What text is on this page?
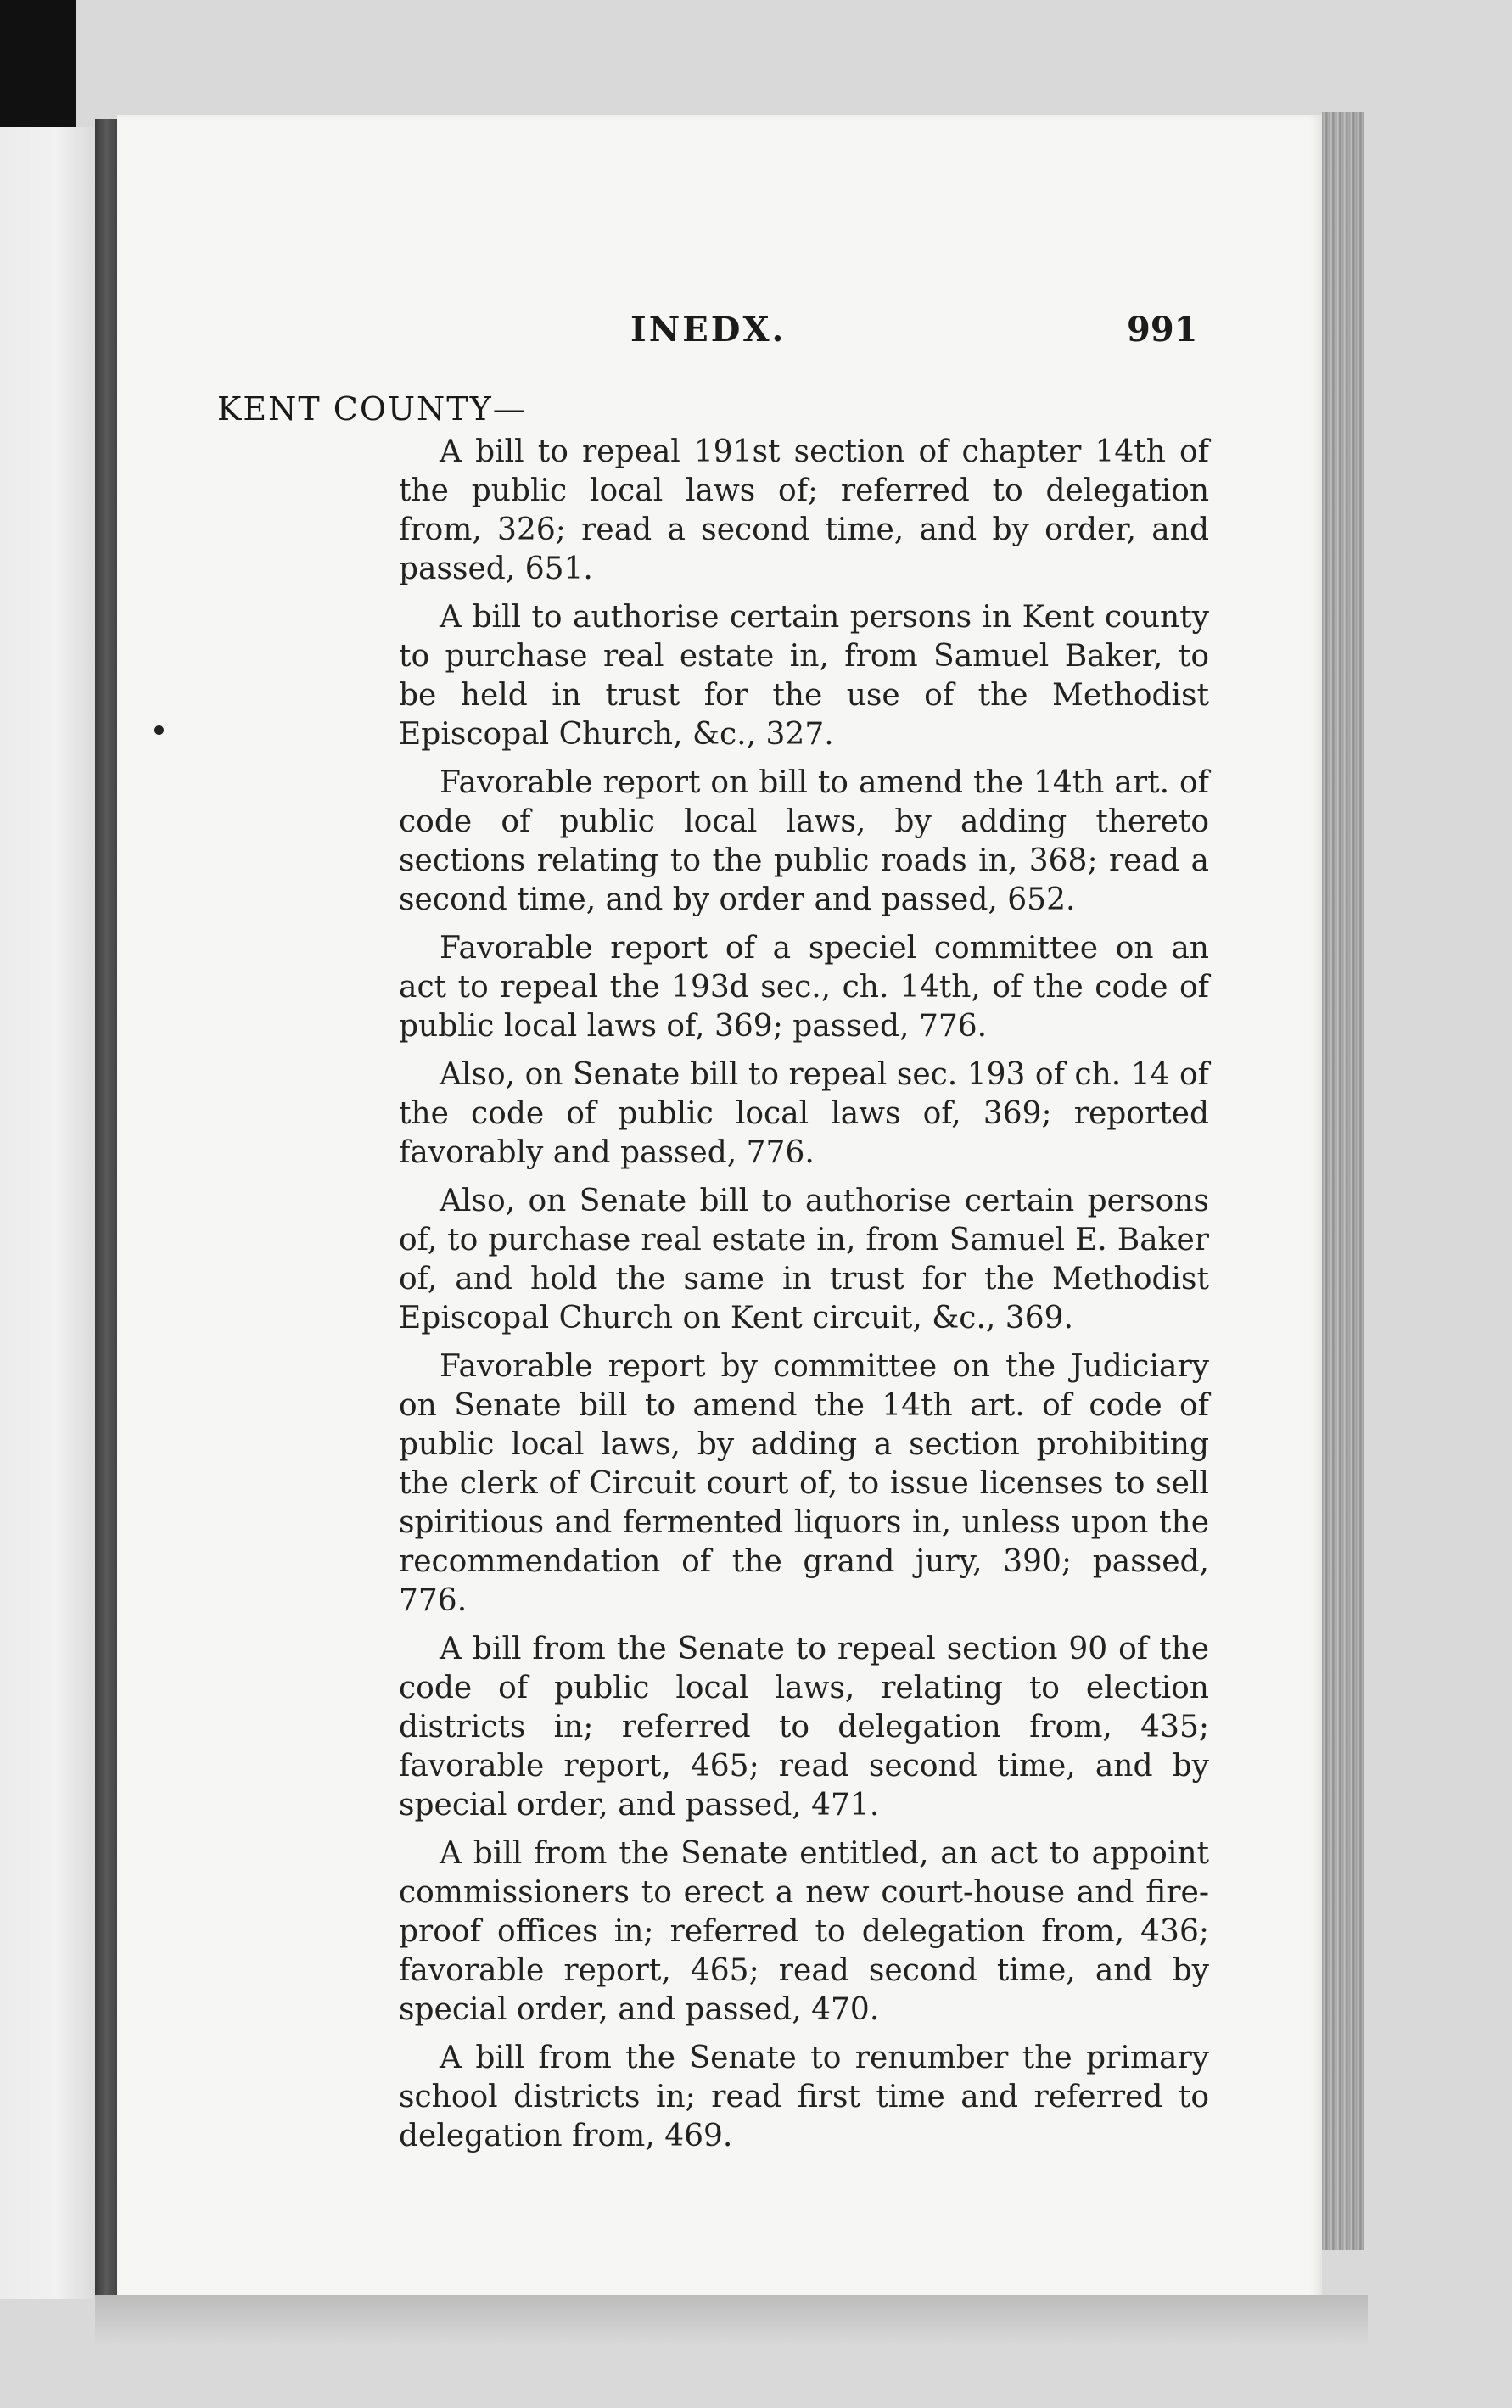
INEDX.	991
KENT COUNTY—

A bill to repeal 191st section of chapter 14th of the public local laws of; referred to delegation from, 326; read a second time, and by order, and passed, 651.

A bill to authorise certain persons in Kent county to purchase real estate in, from Samuel Baker, to be held in trust for the use of the Methodist Episcopal Church, &c., 327.

Favorable report on bill to amend the 14th art. of code of public local laws, by adding thereto sections relating to the public roads in, 368; read a second time, and by order and passed, 652.

Favorable report of a speciel committee on an act to repeal the 193d sec., ch. 14th, of the code of public local laws of, 369; passed, 776.

Also, on Senate bill to repeal sec. 193 of ch. 14 of the code of public local laws of, 369; reported favorably and passed, 776.

Also, on Senate bill to authorise certain persons of, to purchase real estate in, from Samuel E. Baker of, and hold the same in trust for the Methodist Episcopal Church on Kent circuit, &c., 369.

Favorable report by committee on the Judiciary on Senate bill to amend the 14th art. of code of public local laws, by adding a section prohibiting the clerk of Circuit court of, to issue licenses to sell spiritious and fermented liquors in, unless upon the recommendation of the grand jury, 390; passed, 776.

A bill from the Senate to repeal section 90 of the code of public local laws, relating to election districts in; referred to delegation from, 435; favorable report, 465; read second time, and by special order, and passed, 471.

A bill from the Senate entitled, an act to appoint commissioners to erect a new court-house and fire-proof offices in; referred to delegation from, 436; favorable report, 465; read second time, and by special order, and passed, 470.

A bill from the Senate to renumber the primary school districts in; read first time and referred to delegation from, 469.
